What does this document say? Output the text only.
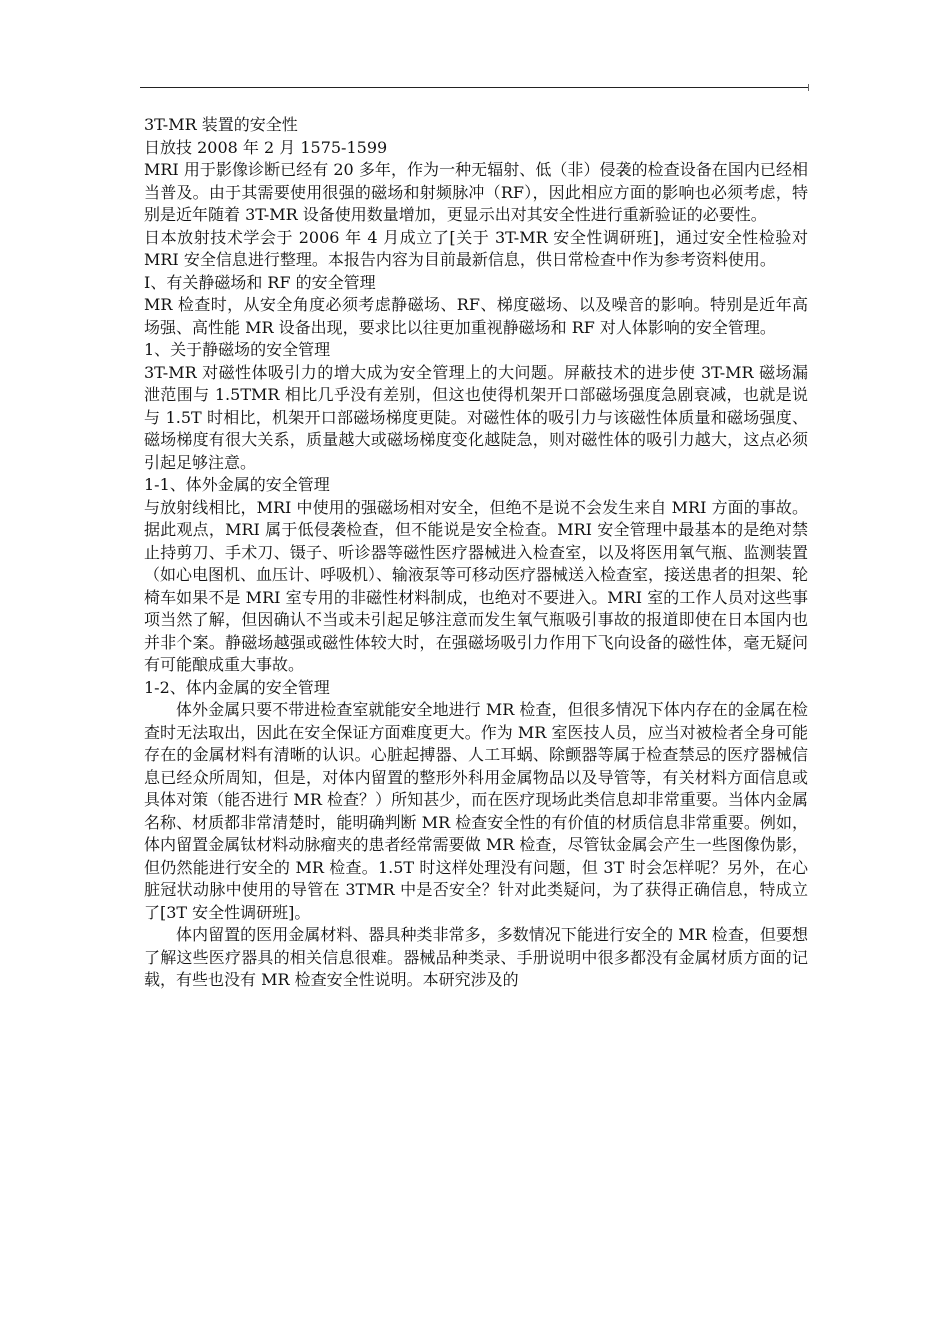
3T-MR 装置的安全性

日放技 2008 年 2 月 1575-1599

MRI 用于影像诊断已经有 20 多年，作为一种无辐射、低（非）侵袭的检查设备在国内已经相当普及。由于其需要使用很强的磁场和射频脉冲（RF），因此相应方面的影响也必须考虑，特别是近年随着 3T-MR 设备使用数量增加，更显示出对其安全性进行重新验证的必要性。

日本放射技术学会于 2006 年 4 月成立了[关于 3T-MR 安全性调研班]，通过安全性检验对 MRI 安全信息进行整理。本报告内容为目前最新信息，供日常检查中作为参考资料使用。

Ⅰ、有关静磁场和 RF 的安全管理

MR 检查时，从安全角度必须考虑静磁场、RF、梯度磁场、以及噪音的影响。特别是近年高场强、高性能 MR 设备出现，要求比以往更加重视静磁场和 RF 对人体影响的安全管理。

1、关于静磁场的安全管理

3T-MR 对磁性体吸引力的增大成为安全管理上的大问题。屏蔽技术的进步使 3T-MR 磁场漏泄范围与 1.5TMR 相比几乎没有差别，但这也使得机架开口部磁场强度急剧衰减，也就是说与 1.5T 时相比，机架开口部磁场梯度更陡。对磁性体的吸引力与该磁性体质量和磁场强度、磁场梯度有很大关系，质量越大或磁场梯度变化越陡急，则对磁性体的吸引力越大，这点必须引起足够注意。

1-1、体外金属的安全管理

与放射线相比，MRI 中使用的强磁场相对安全，但绝不是说不会发生来自 MRI 方面的事故。据此观点，MRI 属于低侵袭检查，但不能说是安全检查。MRI 安全管理中最基本的是绝对禁止持剪刀、手术刀、镊子、听诊器等磁性医疗器械进入检查室，以及将医用氧气瓶、监测装置（如心电图机、血压计、呼吸机）、输液泵等可移动医疗器械送入检查室，接送患者的担架、轮椅车如果不是 MRI 室专用的非磁性材料制成，也绝对不要进入。MRI 室的工作人员对这些事项当然了解，但因确认不当或未引起足够注意而发生氧气瓶吸引事故的报道即使在日本国内也并非个案。静磁场越强或磁性体较大时，在强磁场吸引力作用下飞向设备的磁性体，毫无疑问有可能酿成重大事故。

1-2、体内金属的安全管理

体外金属只要不带进检查室就能安全地进行 MR 检查，但很多情况下体内存在的金属在检查时无法取出，因此在安全保证方面难度更大。作为 MR 室医技人员，应当对被检者全身可能存在的金属材料有清晰的认识。心脏起搏器、人工耳蜗、除颤器等属于检查禁忌的医疗器械信息已经众所周知，但是，对体内留置的整形外科用金属物品以及导管等，有关材料方面信息或具体对策（能否进行 MR 检查？）所知甚少，而在医疗现场此类信息却非常重要。当体内金属名称、材质都非常清楚时，能明确判断 MR 检查安全性的有价值的材质信息非常重要。例如，体内留置金属钛材料动脉瘤夹的患者经常需要做 MR 检查，尽管钛金属会产生一些图像伪影，但仍然能进行安全的 MR 检查。1.5T 时这样处理没有问题，但 3T 时会怎样呢？另外，在心脏冠状动脉中使用的导管在 3TMR 中是否安全？针对此类疑问，为了获得正确信息，特成立了[3T 安全性调研班]。

体内留置的医用金属材料、器具种类非常多，多数情况下能进行安全的 MR 检查，但要想了解这些医疗器具的相关信息很难。器械品种类录、手册说明中很多都没有金属材质方面的记载，有些也没有 MR 检查安全性说明。本研究涉及的
